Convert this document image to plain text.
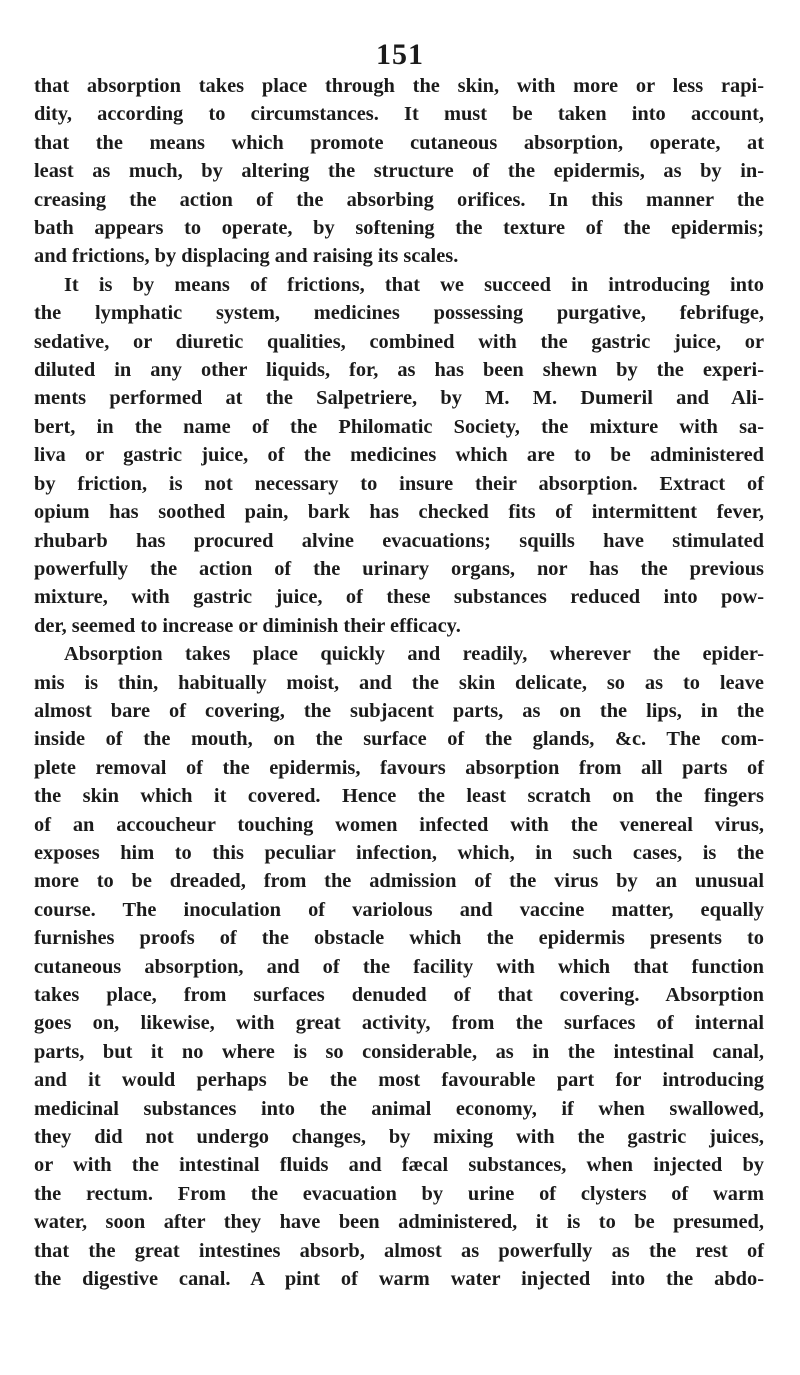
151
that absorption takes place through the skin, with more or less rapi-
dity, according to circumstances. It must be taken into account,
that the means which promote cutaneous absorption, operate, at
least as much, by altering the structure of the epidermis, as by in-
creasing the action of the absorbing orifices. In this manner the
bath appears to operate, by softening the texture of the epidermis;
and frictions, by displacing and raising its scales.
It is by means of frictions, that we succeed in introducing into
the lymphatic system, medicines possessing purgative, febrifuge,
sedative, or diuretic qualities, combined with the gastric juice, or
diluted in any other liquids, for, as has been shewn by the experi-
ments performed at the Salpetriere, by M. M. Dumeril and Ali-
bert, in the name of the Philomatic Society, the mixture with sa-
liva or gastric juice, of the medicines which are to be administered
by friction, is not necessary to insure their absorption. Extract of
opium has soothed pain, bark has checked fits of intermittent fever,
rhubarb has procured alvine evacuations; squills have stimulated
powerfully the action of the urinary organs, nor has the previous
mixture, with gastric juice, of these substances reduced into pow-
der, seemed to increase or diminish their efficacy.
Absorption takes place quickly and readily, wherever the epider-
mis is thin, habitually moist, and the skin delicate, so as to leave
almost bare of covering, the subjacent parts, as on the lips, in the
inside of the mouth, on the surface of the glands, &c. The com-
plete removal of the epidermis, favours absorption from all parts of
the skin which it covered. Hence the least scratch on the fingers
of an accoucheur touching women infected with the venereal virus,
exposes him to this peculiar infection, which, in such cases, is the
more to be dreaded, from the admission of the virus by an unusual
course. The inoculation of variolous and vaccine matter, equally
furnishes proofs of the obstacle which the epidermis presents to
cutaneous absorption, and of the facility with which that function
takes place, from surfaces denuded of that covering. Absorption
goes on, likewise, with great activity, from the surfaces of internal
parts, but it no where is so considerable, as in the intestinal canal,
and it would perhaps be the most favourable part for introducing
medicinal substances into the animal economy, if when swallowed,
they did not undergo changes, by mixing with the gastric juices,
or with the intestinal fluids and fæcal substances, when injected by
the rectum. From the evacuation by urine of clysters of warm
water, soon after they have been administered, it is to be presumed,
that the great intestines absorb, almost as powerfully as the rest of
the digestive canal. A pint of warm water injected into the abdo-
